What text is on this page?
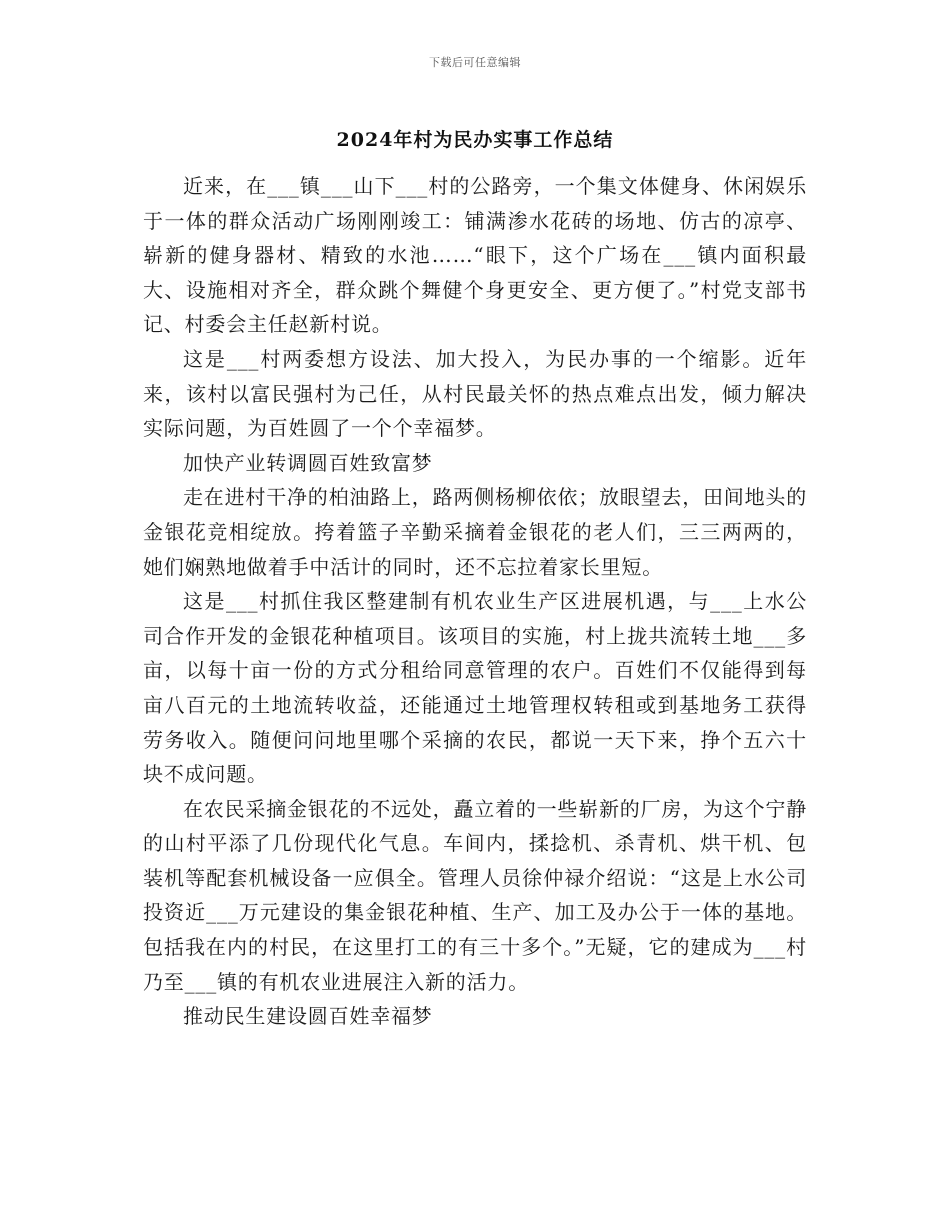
下载后可任意编辑
2024年村为民办实事工作总结

近来，在___镇___山下___村的公路旁，一个集文体健身、休闲娱乐于一体的群众活动广场刚刚竣工：铺满渗水花砖的场地、仿古的凉亭、崭新的健身器材、精致的水池……“眼下，这个广场在___镇内面积最大、设施相对齐全，群众跳个舞健个身更安全、更方便了。”村党支部书记、村委会主任赵新村说。

这是___村两委想方设法、加大投入，为民办事的一个缩影。近年来，该村以富民强村为己任，从村民最关怀的热点难点出发，倾力解决实际问题，为百姓圆了一个个幸福梦。

加快产业转调圆百姓致富梦

走在进村干净的柏油路上，路两侧杨柳依依；放眼望去，田间地头的金银花竞相绽放。挎着篮子辛勤采摘着金银花的老人们，三三两两的，她们娴熟地做着手中活计的同时，还不忘拉着家长里短。

这是___村抓住我区整建制有机农业生产区进展机遇，与___上水公司合作开发的金银花种植项目。该项目的实施，村上拢共流转土地___多亩，以每十亩一份的方式分租给同意管理的农户。百姓们不仅能得到每亩八百元的土地流转收益，还能通过土地管理权转租或到基地务工获得劳务收入。随便问问地里哪个采摘的农民，都说一天下来，挣个五六十块不成问题。

在农民采摘金银花的不远处，矗立着的一些崭新的厂房，为这个宁静的山村平添了几份现代化气息。车间内，揉捻机、杀青机、烘干机、包装机等配套机械设备一应俱全。管理人员徐仲禄介绍说：“这是上水公司投资近___万元建设的集金银花种植、生产、加工及办公于一体的基地。包括我在内的村民，在这里打工的有三十多个。”无疑，它的建成为___村乃至___镇的有机农业进展注入新的活力。

推动民生建设圆百姓幸福梦
